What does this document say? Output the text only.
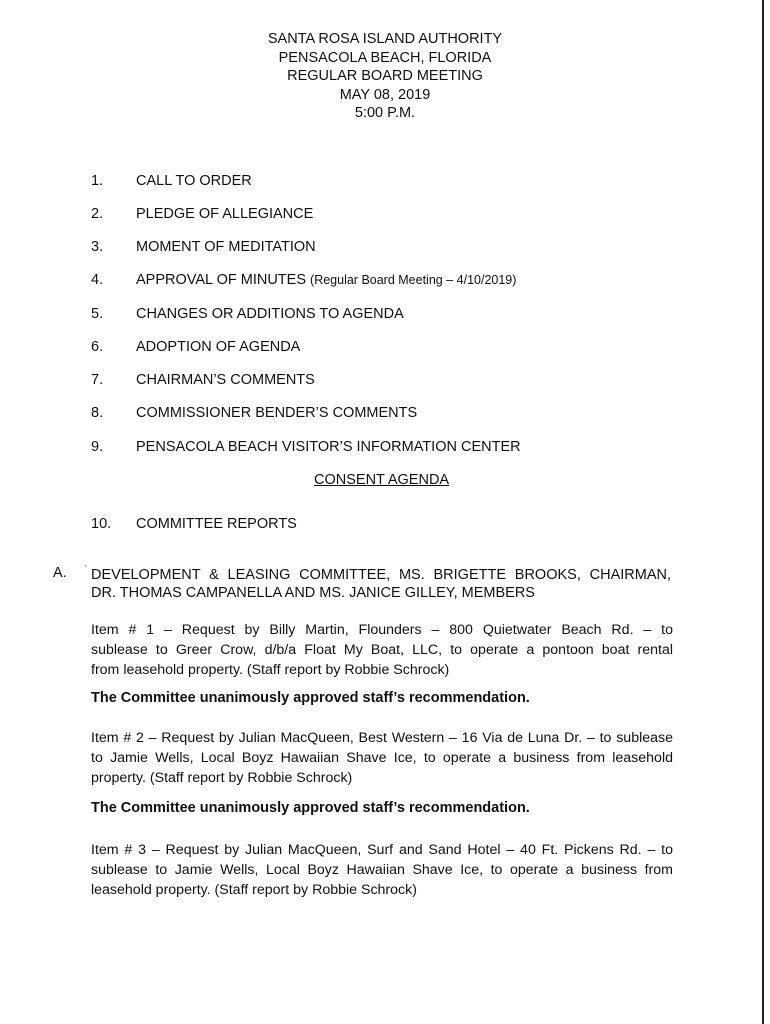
SANTA ROSA ISLAND AUTHORITY
PENSACOLA BEACH, FLORIDA
REGULAR BOARD MEETING
MAY 08, 2019
5:00 P.M.
1. CALL TO ORDER
2. PLEDGE OF ALLEGIANCE
3. MOMENT OF MEDITATION
4. APPROVAL OF MINUTES (Regular Board Meeting – 4/10/2019)
5. CHANGES OR ADDITIONS TO AGENDA
6. ADOPTION OF AGENDA
7. CHAIRMAN’S COMMENTS
8. COMMISSIONER BENDER’S COMMENTS
9. PENSACOLA BEACH VISITOR’S INFORMATION CENTER
CONSENT AGENDA
10. COMMITTEE REPORTS
A. ·
DEVELOPMENT & LEASING COMMITTEE, MS. BRIGETTE BROOKS, CHAIRMAN,
DR. THOMAS CAMPANELLA AND MS. JANICE GILLEY, MEMBERS
Item # 1 – Request by Billy Martin, Flounders – 800 Quietwater Beach Rd. – to
sublease to Greer Crow, d/b/a Float My Boat, LLC, to operate a pontoon boat rental
from leasehold property. (Staff report by Robbie Schrock)
The Committee unanimously approved staff’s recommendation.
Item # 2 – Request by Julian MacQueen, Best Western – 16 Via de Luna Dr. – to sublease
to Jamie Wells, Local Boyz Hawaiian Shave Ice, to operate a business from leasehold
property. (Staff report by Robbie Schrock)
The Committee unanimously approved staff’s recommendation.
Item # 3 – Request by Julian MacQueen, Surf and Sand Hotel – 40 Ft. Pickens Rd. – to
sublease to Jamie Wells, Local Boyz Hawaiian Shave Ice, to operate a business from
leasehold property. (Staff report by Robbie Schrock)
